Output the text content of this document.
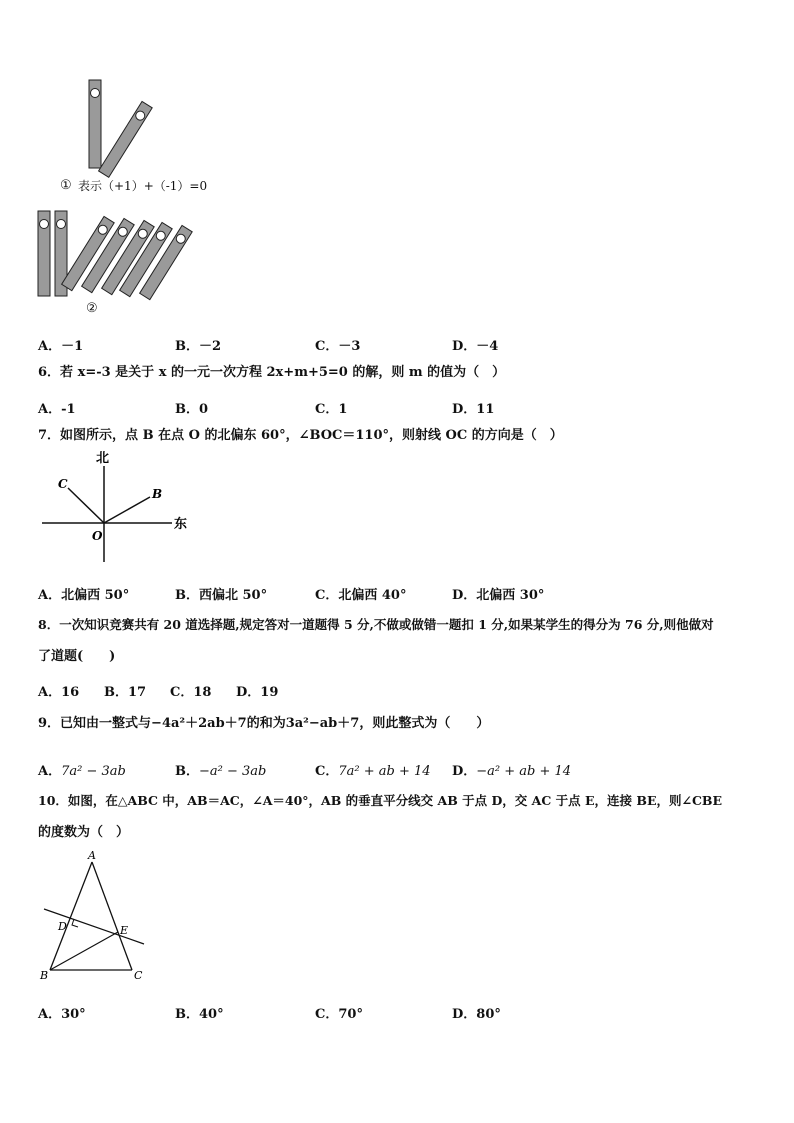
① 表示（+1）+（-1）=0
②
A．－1	B．－2	C．－3	D．－4
6．若 x=-3 是关于 x 的一元一次方程 2x+m+5=0 的解，则 m 的值为（　）
A．-1	B．0	C．1	D．11
7．如图所示，点 B 在点 O 的北偏东 60°，∠BOC＝110°，则射线 OC 的方向是（　）
北
东
B
C
O
A．北偏西 50°	B．西偏北 50°	C．北偏西 40°	D．北偏西 30°
8．一次知识竞赛共有 20 道选择题,规定答对一道题得 5 分,不做或做错一题扣 1 分,如果某学生的得分为 76 分,则他做对
了道题(　　)
A．16 B．17 C．18 D．19
9．已知由一整式与−4a²＋2ab＋7的和为3a²−ab＋7，则此整式为（　　）
A．7a² − 3ab	B．−a² − 3ab	C．7a² + ab + 14 D．−a² + ab + 14
10．如图，在△ABC 中，AB＝AC，∠A＝40°，AB 的垂直平分线交 AB 于点 D，交 AC 于点 E，连接 BE，则∠CBE
的度数为（　）
A
B	C
D	E
A．30°	B．40°	C．70°	D．80°
